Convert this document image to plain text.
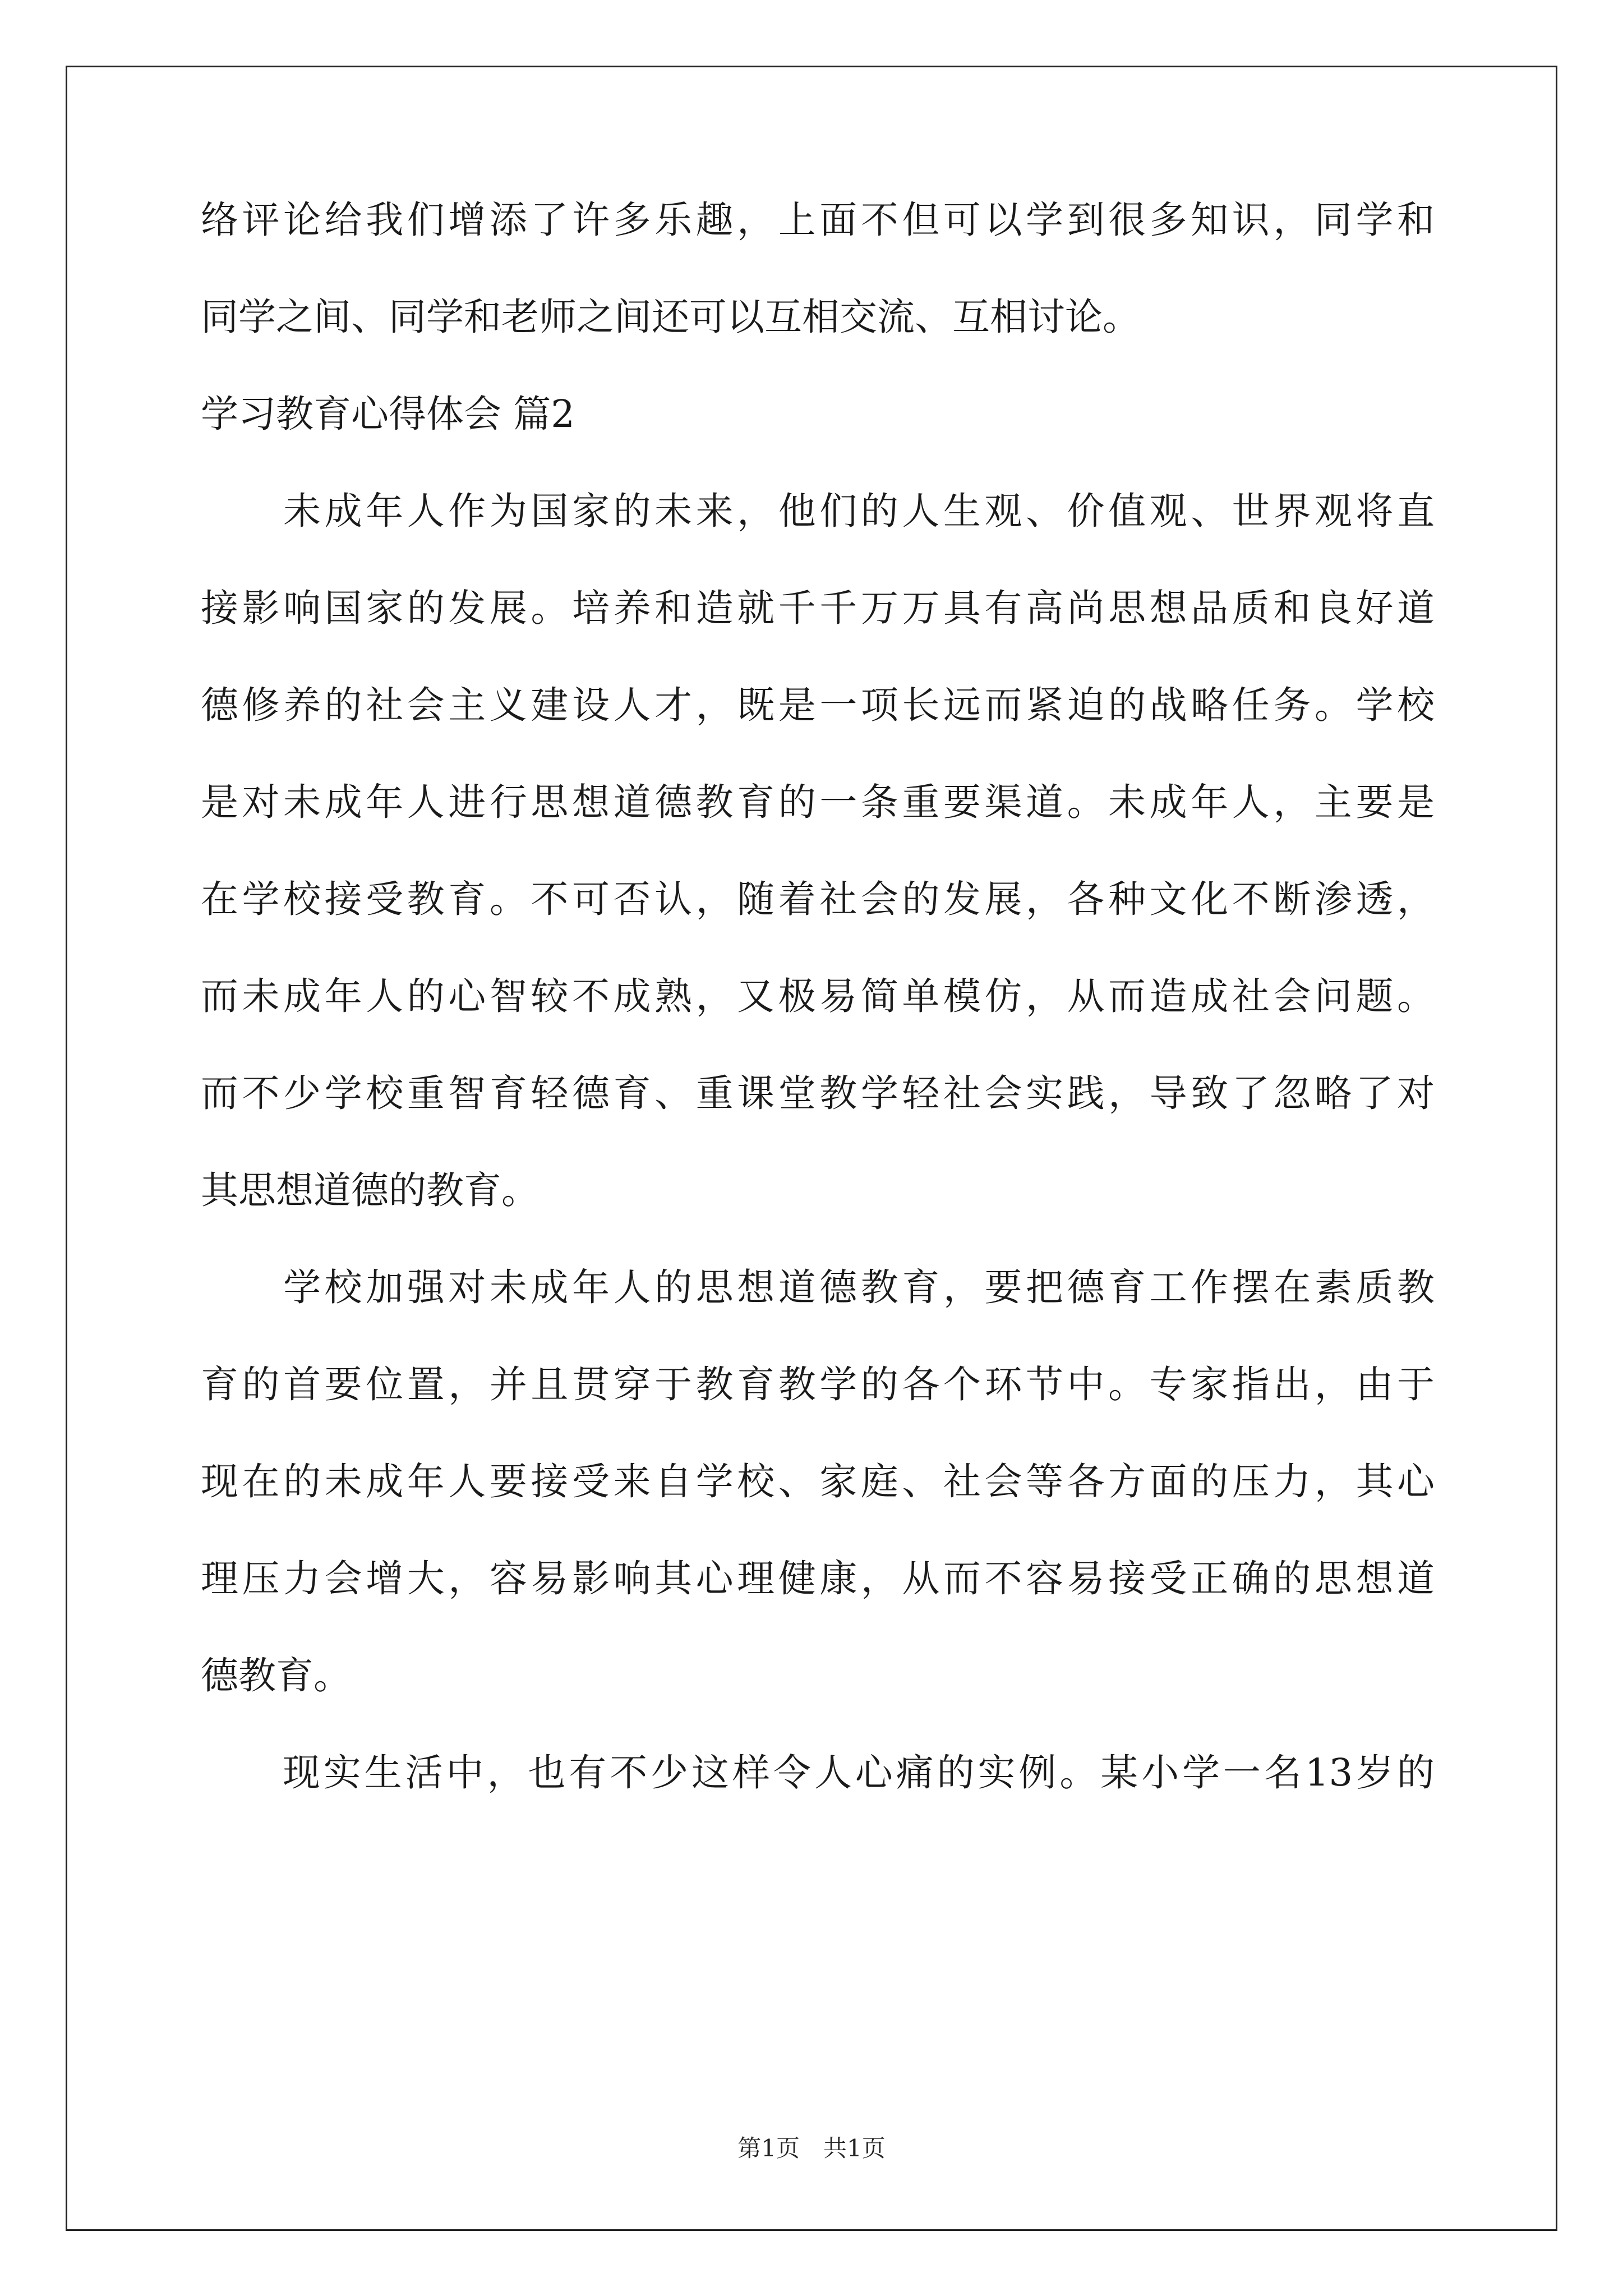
络评论给我们增添了许多乐趣，上面不但可以学到很多知识，同学和
同学之间、同学和老师之间还可以互相交流、互相讨论。
学习教育心得体会 篇2
　　未成年人作为国家的未来，他们的人生观、价值观、世界观将直
接影响国家的发展。培养和造就千千万万具有高尚思想品质和良好道
德修养的社会主义建设人才，既是一项长远而紧迫的战略任务。学校
是对未成年人进行思想道德教育的一条重要渠道。未成年人，主要是
在学校接受教育。不可否认，随着社会的发展，各种文化不断渗透，
而未成年人的心智较不成熟，又极易简单模仿，从而造成社会问题。
而不少学校重智育轻德育、重课堂教学轻社会实践，导致了忽略了对
其思想道德的教育。
　　学校加强对未成年人的思想道德教育，要把德育工作摆在素质教
育的首要位置，并且贯穿于教育教学的各个环节中。专家指出，由于
现在的未成年人要接受来自学校、家庭、社会等各方面的压力，其心
理压力会增大，容易影响其心理健康，从而不容易接受正确的思想道
德教育。
　　现实生活中，也有不少这样令人心痛的实例。某小学一名13岁的
第1页　共1页
